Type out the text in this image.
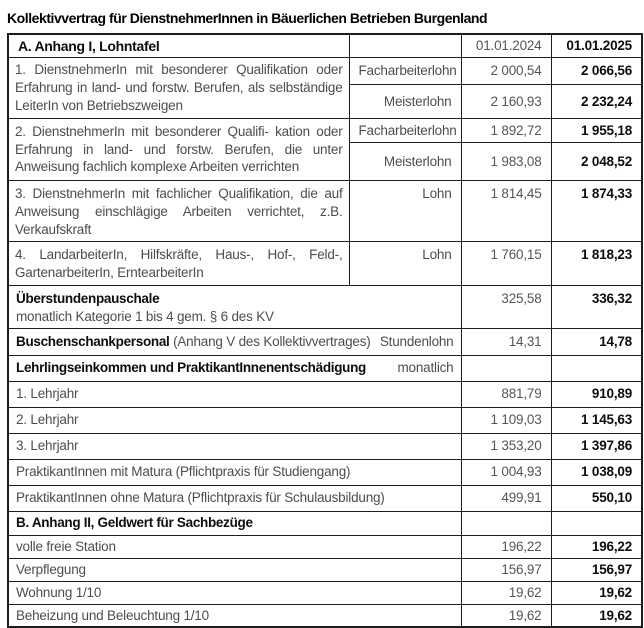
Kollektivvertrag für DienstnehmerInnen in Bäuerlichen Betrieben Burgenland
A. Anhang I, Lohntafel		01.01.2024	01.01.2025
1. DienstnehmerIn mit besonderer Qualifikation oder Erfahrung in land- und forstw. Berufen, als selbständige LeiterIn von Betriebszweigen	Facharbeiterlohn	2 000,54	2 066,56
	Meisterlohn	2 160,93	2 232,24
2. DienstnehmerIn mit besonderer Qualifi- kation oder Erfahrung in land- und forstw. Berufen, die unter Anweisung fachlich komplexe Arbeiten verrichten	Facharbeiterlohn	1 892,72	1 955,18
	Meisterlohn	1 983,08	2 048,52
3. DienstnehmerIn mit fachlicher Qualifikation, die auf Anweisung einschlägige Arbeiten verrichtet, z.B. Verkaufskraft	Lohn	1 814,45	1 874,33
4. LandarbeiterIn, Hilfskräfte, Haus-, Hof-, Feld-, GartenarbeiterIn, ErntearbeiterIn	Lohn	1 760,15	1 818,23

Überstundenpauschale
monatlich Kategorie 1 bis 4 gem. § 6 des KV		325,58	336,32

Buschenschankpersonal (Anhang V des Kollektivvertrages) Stundenlohn		14,31	14,78

Lehrlingseinkommen und PraktikantInnenentschädigung monatlich			

1. Lehrjahr		881,79	910,89
2. Lehrjahr		1 109,03	1 145,63
3. Lehrjahr		1 353,20	1 397,86
PraktikantInnen mit Matura (Pflichtpraxis für Studiengang)		1 004,93	1 038,09
PraktikantInnen ohne Matura (Pflichtpraxis für Schulausbildung)		499,91	550,10
B. Anhang II, Geldwert für Sachbezüge			
volle freie Station		196,22	196,22
Verpflegung		156,97	156,97
Wohnung 1/10		19,62	19,62
Beheizung und Beleuchtung 1/10		19,62	19,62
